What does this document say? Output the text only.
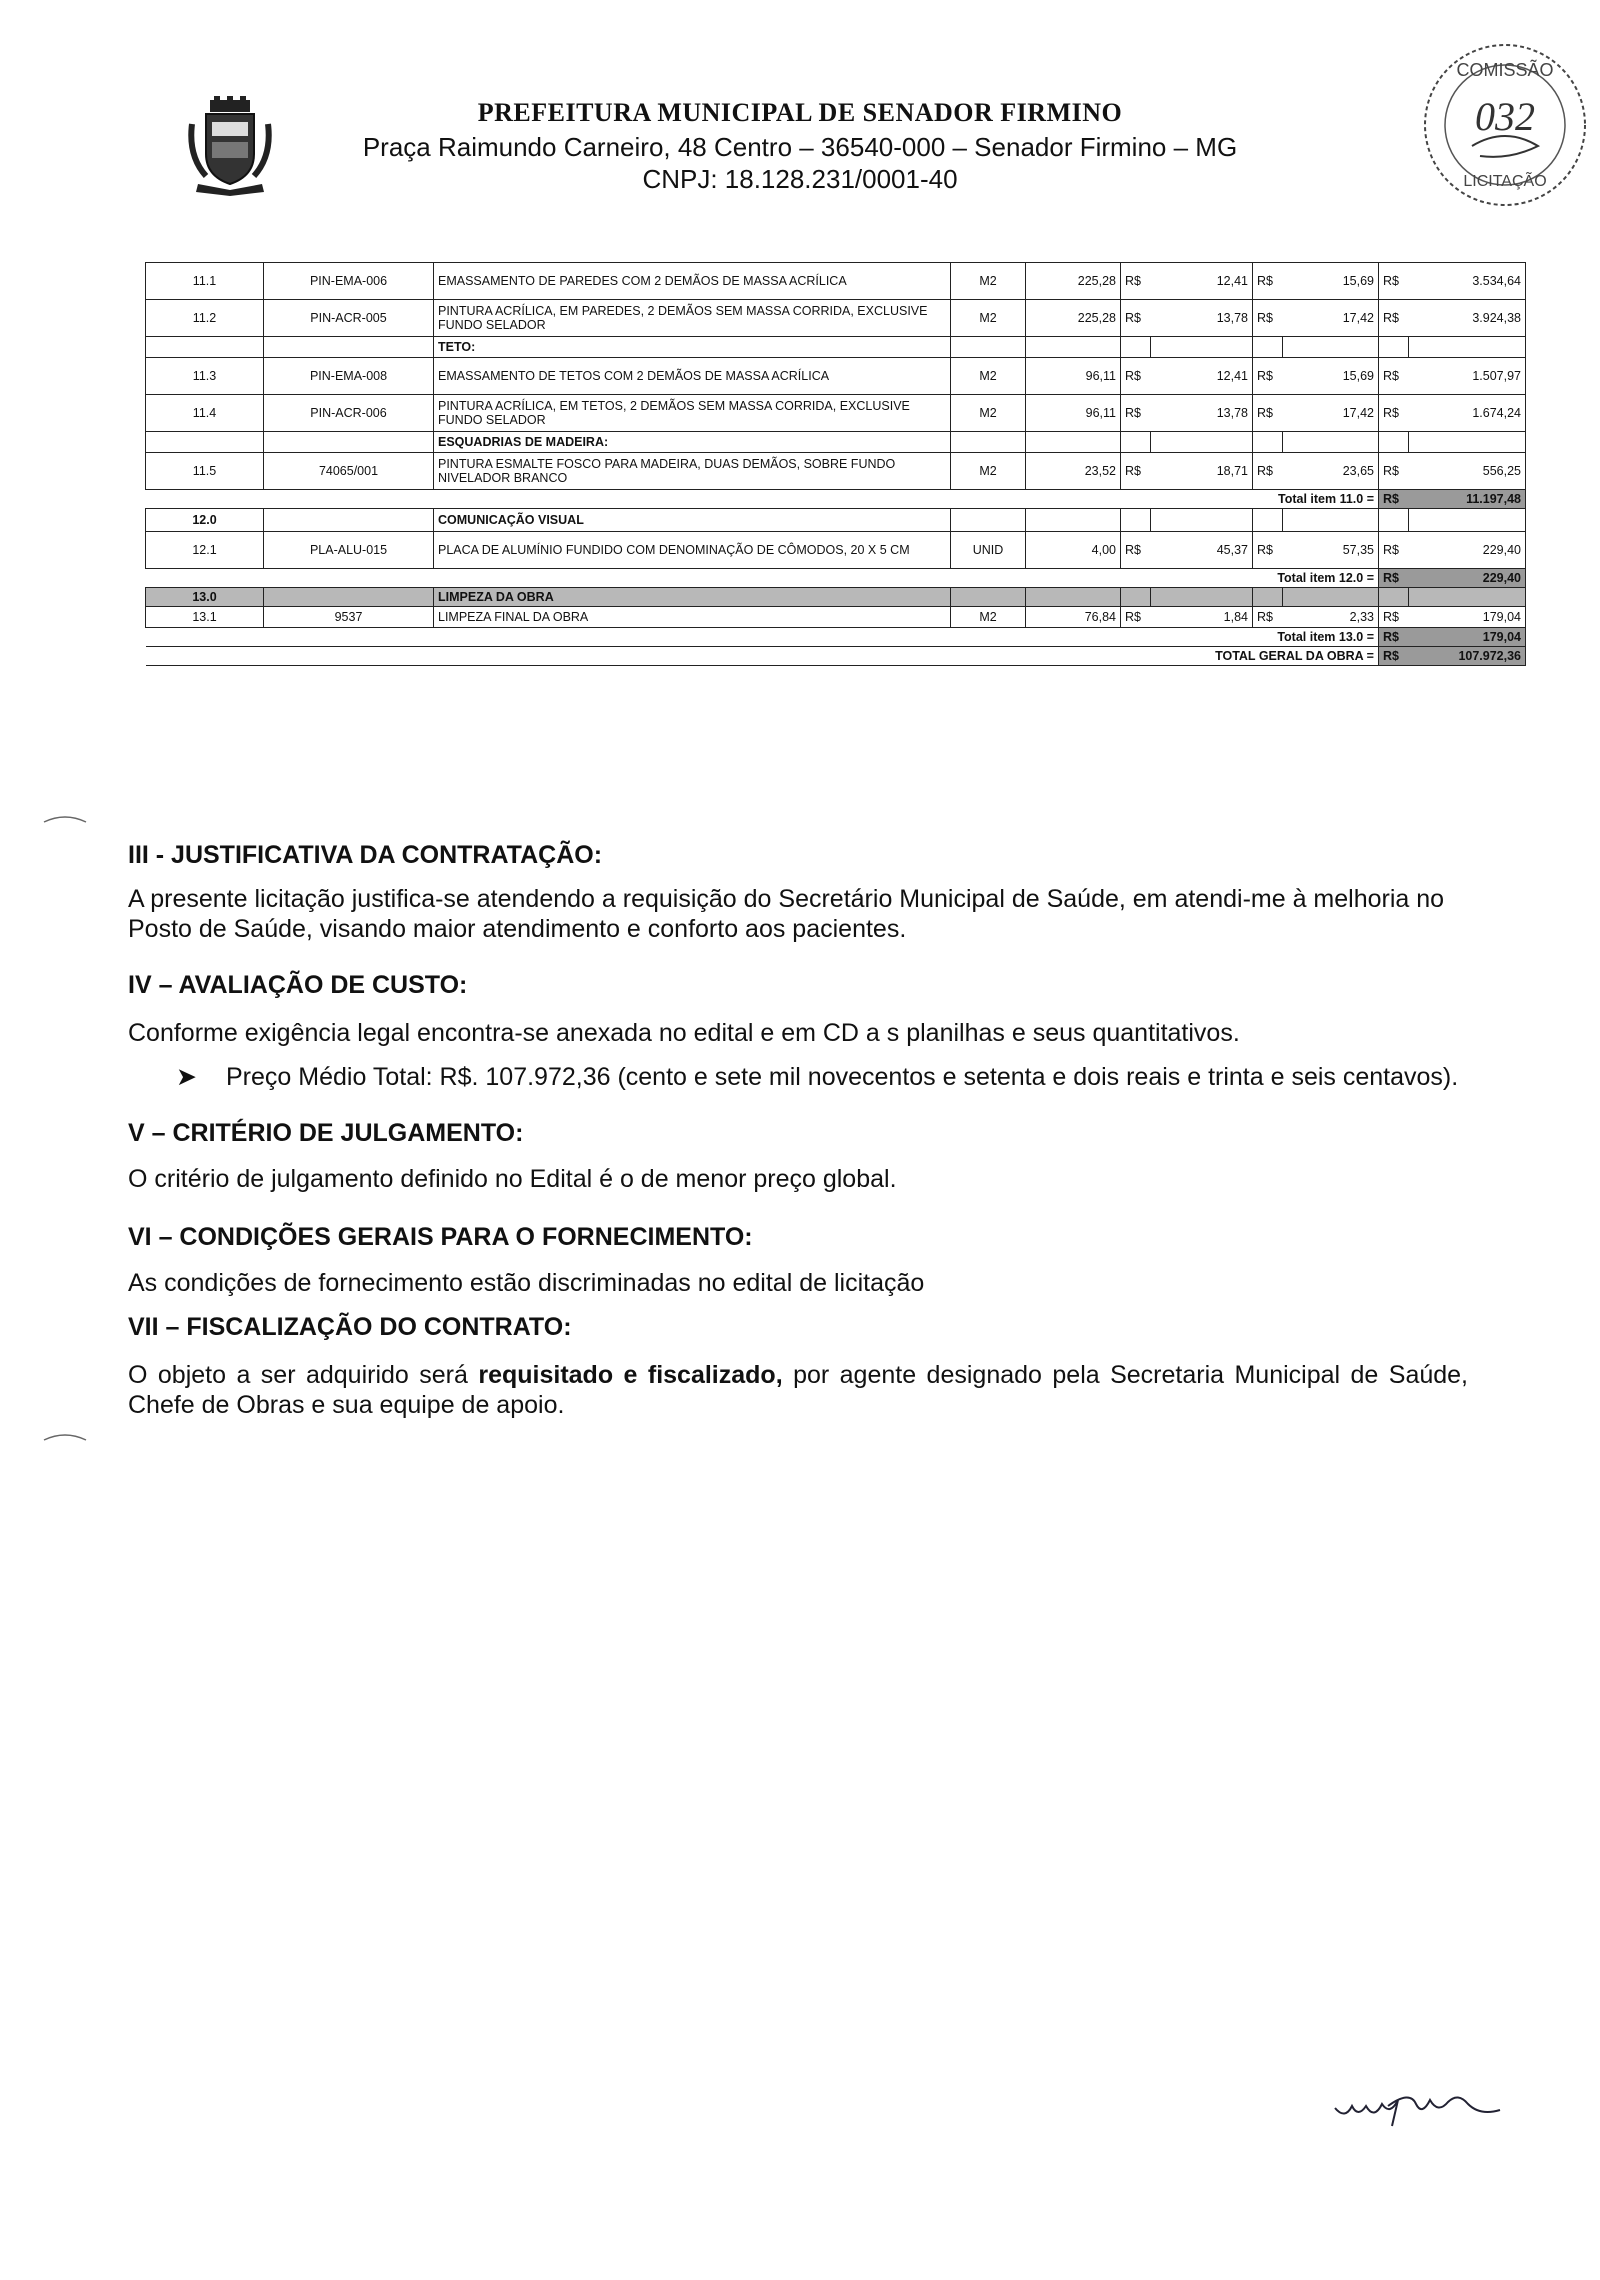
PREFEITURA MUNICIPAL DE SENADOR FIRMINO
Praça Raimundo Carneiro, 48 Centro – 36540-000 – Senador Firmino – MG
CNPJ: 18.128.231/0001-40
COMISSÃO
032
LICITAÇÃO
11.1	PIN-EMA-006	EMASSAMENTO DE PAREDES COM 2 DEMÃOS DE MASSA ACRÍLICA	M2	225,28	R$	12,41	R$	15,69	R$	3.534,64
11.2	PIN-ACR-005	PINTURA ACRÍLICA, EM PAREDES, 2 DEMÃOS SEM MASSA CORRIDA, EXCLUSIVE FUNDO SELADOR	M2	225,28	R$	13,78	R$	17,42	R$	3.924,38
		TETO:								
11.3	PIN-EMA-008	EMASSAMENTO DE TETOS COM 2 DEMÃOS DE MASSA ACRÍLICA	M2	96,11	R$	12,41	R$	15,69	R$	1.507,97
11.4	PIN-ACR-006	PINTURA ACRÍLICA, EM TETOS, 2 DEMÃOS SEM MASSA CORRIDA, EXCLUSIVE FUNDO SELADOR	M2	96,11	R$	13,78	R$	17,42	R$	1.674,24
		ESQUADRIAS DE MADEIRA:								
11.5	74065/001	PINTURA ESMALTE FOSCO PARA MADEIRA, DUAS DEMÃOS, SOBRE FUNDO NIVELADOR BRANCO	M2	23,52	R$	18,71	R$	23,65	R$	556,25
Total item 11.0 =									R$	11.197,48
12.0		COMUNICAÇÃO VISUAL								
12.1	PLA-ALU-015	PLACA DE ALUMÍNIO FUNDIDO COM DENOMINAÇÃO DE CÔMODOS, 20 X 5 CM	UNID	4,00	R$	45,37	R$	57,35	R$	229,40
Total item 12.0 =									R$	229,40
13.0		LIMPEZA DA OBRA								
13.1	9537	LIMPEZA FINAL DA OBRA	M2	76,84	R$	1,84	R$	2,33	R$	179,04
Total item 13.0 =									R$	179,04
TOTAL GERAL DA OBRA =									R$	107.972,36

III - JUSTIFICATIVA DA CONTRATAÇÃO:

A presente licitação justifica-se atendendo a requisição do Secretário Municipal de Saúde, em atendi-me à melhoria no Posto de Saúde, visando maior atendimento e conforto aos pacientes.

IV – AVALIAÇÃO DE CUSTO:

Conforme exigência legal encontra-se anexada no edital e em CD a s planilhas e seus quantitativos.

➤ Preço Médio Total: R$. 107.972,36 (cento e sete mil novecentos e setenta e dois reais e trinta e seis centavos).

V – CRITÉRIO DE JULGAMENTO:

O critério de julgamento definido no Edital é o de menor preço global.

VI – CONDIÇÕES GERAIS PARA O FORNECIMENTO:

As condições de fornecimento estão discriminadas no edital de licitação

VII – FISCALIZAÇÃO DO CONTRATO:

O objeto a ser adquirido será requisitado e fiscalizado, por agente designado pela Secretaria Municipal de Saúde, Chefe de Obras e sua equipe de apoio.
